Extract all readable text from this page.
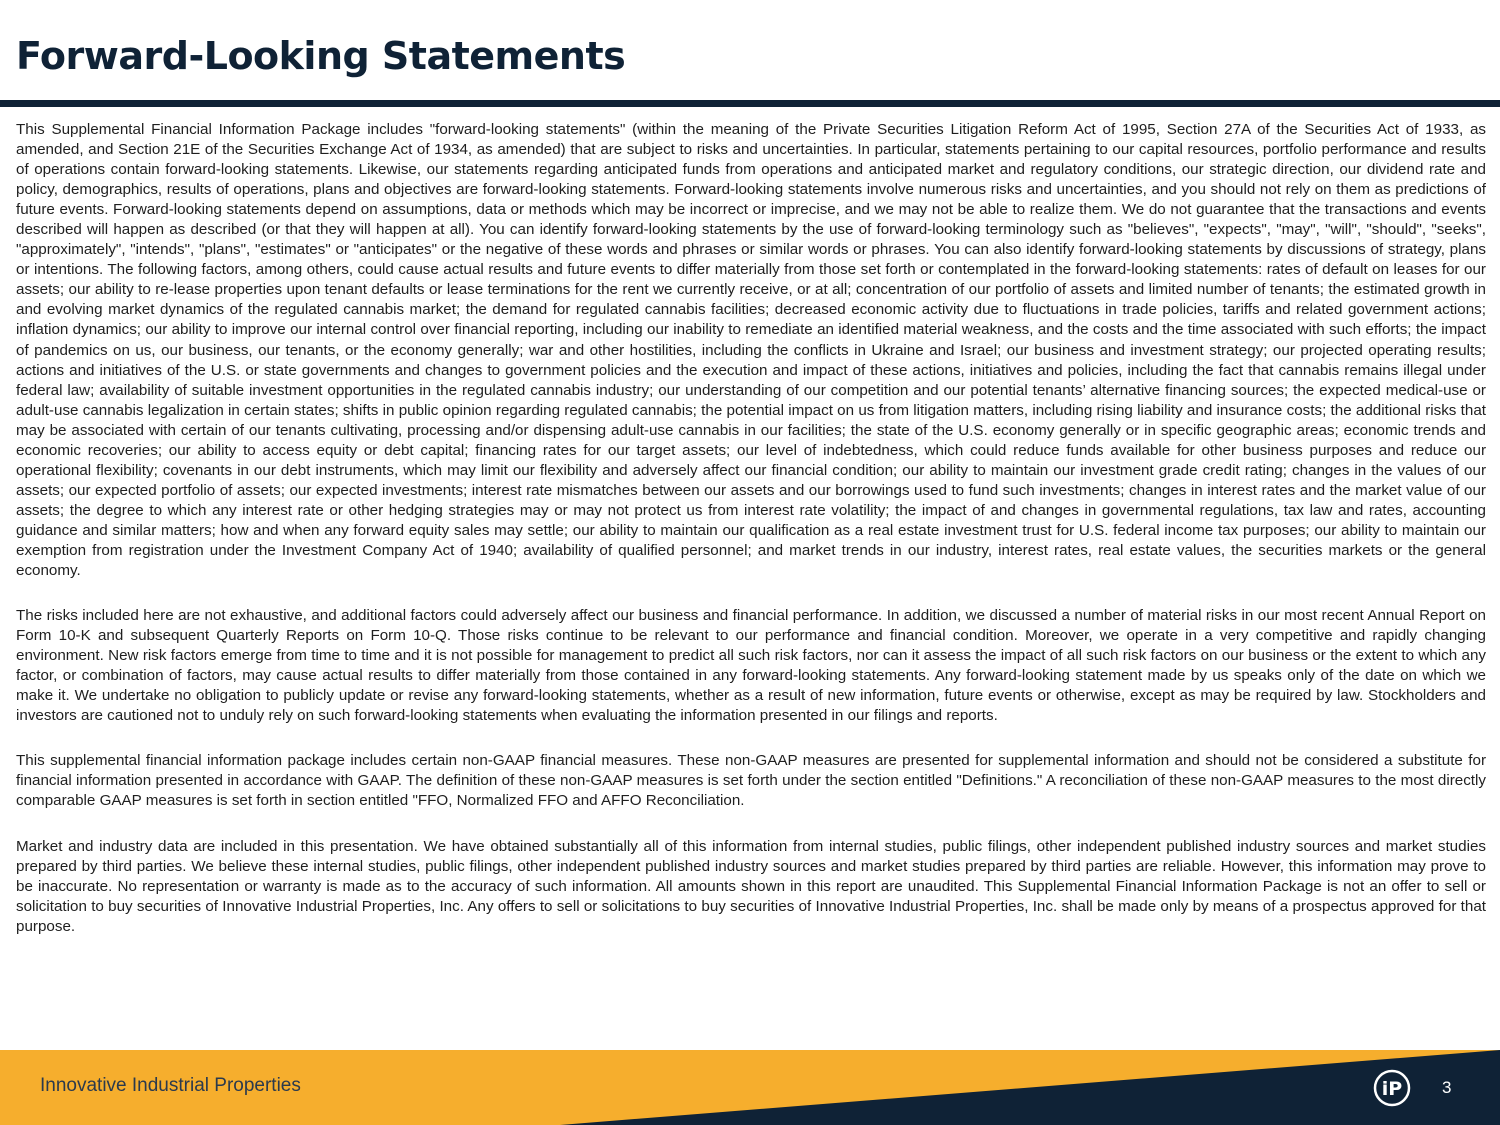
Forward-Looking Statements

This Supplemental Financial Information Package includes "forward-looking statements" (within the meaning of the Private Securities Litigation Reform Act of 1995, Section 27A of the Securities Act of 1933, as amended, and Section 21E of the Securities Exchange Act of 1934, as amended) that are subject to risks and uncertainties. In particular, statements pertaining to our capital resources, portfolio performance and results of operations contain forward-looking statements. Likewise, our statements regarding anticipated funds from operations and anticipated market and regulatory conditions, our strategic direction, our dividend rate and policy, demographics, results of operations, plans and objectives are forward-looking statements. Forward-looking statements involve numerous risks and uncertainties, and you should not rely on them as predictions of future events. Forward-looking statements depend on assumptions, data or methods which may be incorrect or imprecise, and we may not be able to realize them. We do not guarantee that the transactions and events described will happen as described (or that they will happen at all). You can identify forward-looking statements by the use of forward-looking terminology such as "believes", "expects", "may", "will", "should", "seeks", "approximately", "intends", "plans", "estimates" or "anticipates" or the negative of these words and phrases or similar words or phrases. You can also identify forward-looking statements by discussions of strategy, plans or intentions. The following factors, among others, could cause actual results and future events to differ materially from those set forth or contemplated in the forward-looking statements: rates of default on leases for our assets; our ability to re-lease properties upon tenant defaults or lease terminations for the rent we currently receive, or at all; concentration of our portfolio of assets and limited number of tenants; the estimated growth in and evolving market dynamics of the regulated cannabis market; the demand for regulated cannabis facilities; decreased economic activity due to fluctuations in trade policies, tariffs and related government actions; inflation dynamics; our ability to improve our internal control over financial reporting, including our inability to remediate an identified material weakness, and the costs and the time associated with such efforts; the impact of pandemics on us, our business, our tenants, or the economy generally; war and other hostilities, including the conflicts in Ukraine and Israel; our business and investment strategy; our projected operating results; actions and initiatives of the U.S. or state governments and changes to government policies and the execution and impact of these actions, initiatives and policies, including the fact that cannabis remains illegal under federal law; availability of suitable investment opportunities in the regulated cannabis industry; our understanding of our competition and our potential tenants’ alternative financing sources; the expected medical-use or adult-use cannabis legalization in certain states; shifts in public opinion regarding regulated cannabis; the potential impact on us from litigation matters, including rising liability and insurance costs; the additional risks that may be associated with certain of our tenants cultivating, processing and/or dispensing adult-use cannabis in our facilities; the state of the U.S. economy generally or in specific geographic areas; economic trends and economic recoveries; our ability to access equity or debt capital; financing rates for our target assets; our level of indebtedness, which could reduce funds available for other business purposes and reduce our operational flexibility; covenants in our debt instruments, which may limit our flexibility and adversely affect our financial condition; our ability to maintain our investment grade credit rating; changes in the values of our assets; our expected portfolio of assets; our expected investments; interest rate mismatches between our assets and our borrowings used to fund such investments; changes in interest rates and the market value of our assets; the degree to which any interest rate or other hedging strategies may or may not protect us from interest rate volatility; the impact of and changes in governmental regulations, tax law and rates, accounting guidance and similar matters; how and when any forward equity sales may settle; our ability to maintain our qualification as a real estate investment trust for U.S. federal income tax purposes; our ability to maintain our exemption from registration under the Investment Company Act of 1940; availability of qualified personnel; and market trends in our industry, interest rates, real estate values, the securities markets or the general economy.

The risks included here are not exhaustive, and additional factors could adversely affect our business and financial performance. In addition, we discussed a number of material risks in our most recent Annual Report on Form 10-K and subsequent Quarterly Reports on Form 10-Q. Those risks continue to be relevant to our performance and financial condition. Moreover, we operate in a very competitive and rapidly changing environment. New risk factors emerge from time to time and it is not possible for management to predict all such risk factors, nor can it assess the impact of all such risk factors on our business or the extent to which any factor, or combination of factors, may cause actual results to differ materially from those contained in any forward-looking statements. Any forward-looking statement made by us speaks only of the date on which we make it. We undertake no obligation to publicly update or revise any forward-looking statements, whether as a result of new information, future events or otherwise, except as may be required by law. Stockholders and investors are cautioned not to unduly rely on such forward-looking statements when evaluating the information presented in our filings and reports.

This supplemental financial information package includes certain non-GAAP financial measures. These non-GAAP measures are presented for supplemental information and should not be considered a substitute for financial information presented in accordance with GAAP. The definition of these non-GAAP measures is set forth under the section entitled "Definitions." A reconciliation of these non-GAAP measures to the most directly comparable GAAP measures is set forth in section entitled "FFO, Normalized FFO and AFFO Reconciliation.

Market and industry data are included in this presentation. We have obtained substantially all of this information from internal studies, public filings, other independent published industry sources and market studies prepared by third parties. We believe these internal studies, public filings, other independent published industry sources and market studies prepared by third parties are reliable. However, this information may prove to be inaccurate. No representation or warranty is made as to the accuracy of such information. All amounts shown in this report are unaudited. This Supplemental Financial Information Package is not an offer to sell or solicitation to buy securities of Innovative Industrial Properties, Inc. Any offers to sell or solicitations to buy securities of Innovative Industrial Properties, Inc. shall be made only by means of a prospectus approved for that purpose.

Innovative Industrial Properties	iP 3
